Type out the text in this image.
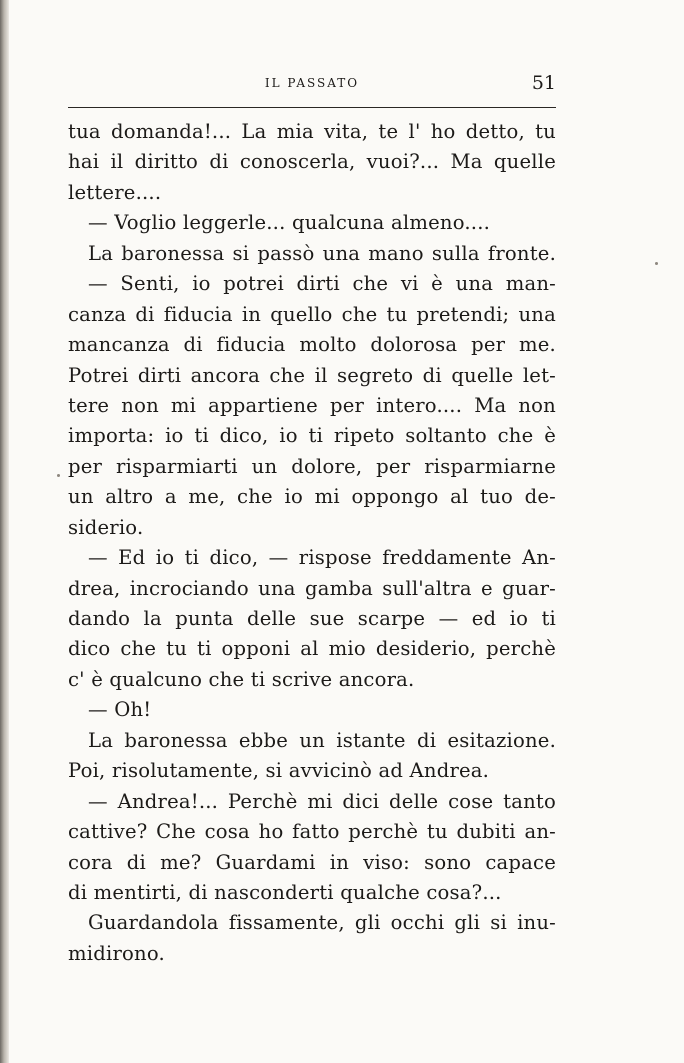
IL PASSATO	51
tua domanda!... La mia vita, te l' ho detto, tu
hai il diritto di conoscerla, vuoi?... Ma quelle
lettere....
— Voglio leggerle... qualcuna almeno....
La baronessa si passò una mano sulla fronte.
— Senti, io potrei dirti che vi è una man-
canza di fiducia in quello che tu pretendi; una
mancanza di fiducia molto dolorosa per me.
Potrei dirti ancora che il segreto di quelle let-
tere non mi appartiene per intero.... Ma non
importa: io ti dico, io ti ripeto soltanto che è
per risparmiarti un dolore, per risparmiarne
un altro a me, che io mi oppongo al tuo de-
siderio.
— Ed io ti dico, — rispose freddamente An-
drea, incrociando una gamba sull'altra e guar-
dando la punta delle sue scarpe — ed io ti
dico che tu ti opponi al mio desiderio, perchè
c' è qualcuno che ti scrive ancora.
— Oh!
La baronessa ebbe un istante di esitazione.
Poi, risolutamente, si avvicinò ad Andrea.
— Andrea!... Perchè mi dici delle cose tanto
cattive? Che cosa ho fatto perchè tu dubiti an-
cora di me? Guardami in viso: sono capace
di mentirti, di nasconderti qualche cosa?...
Guardandola fissamente, gli occhi gli si inu-
midirono.
